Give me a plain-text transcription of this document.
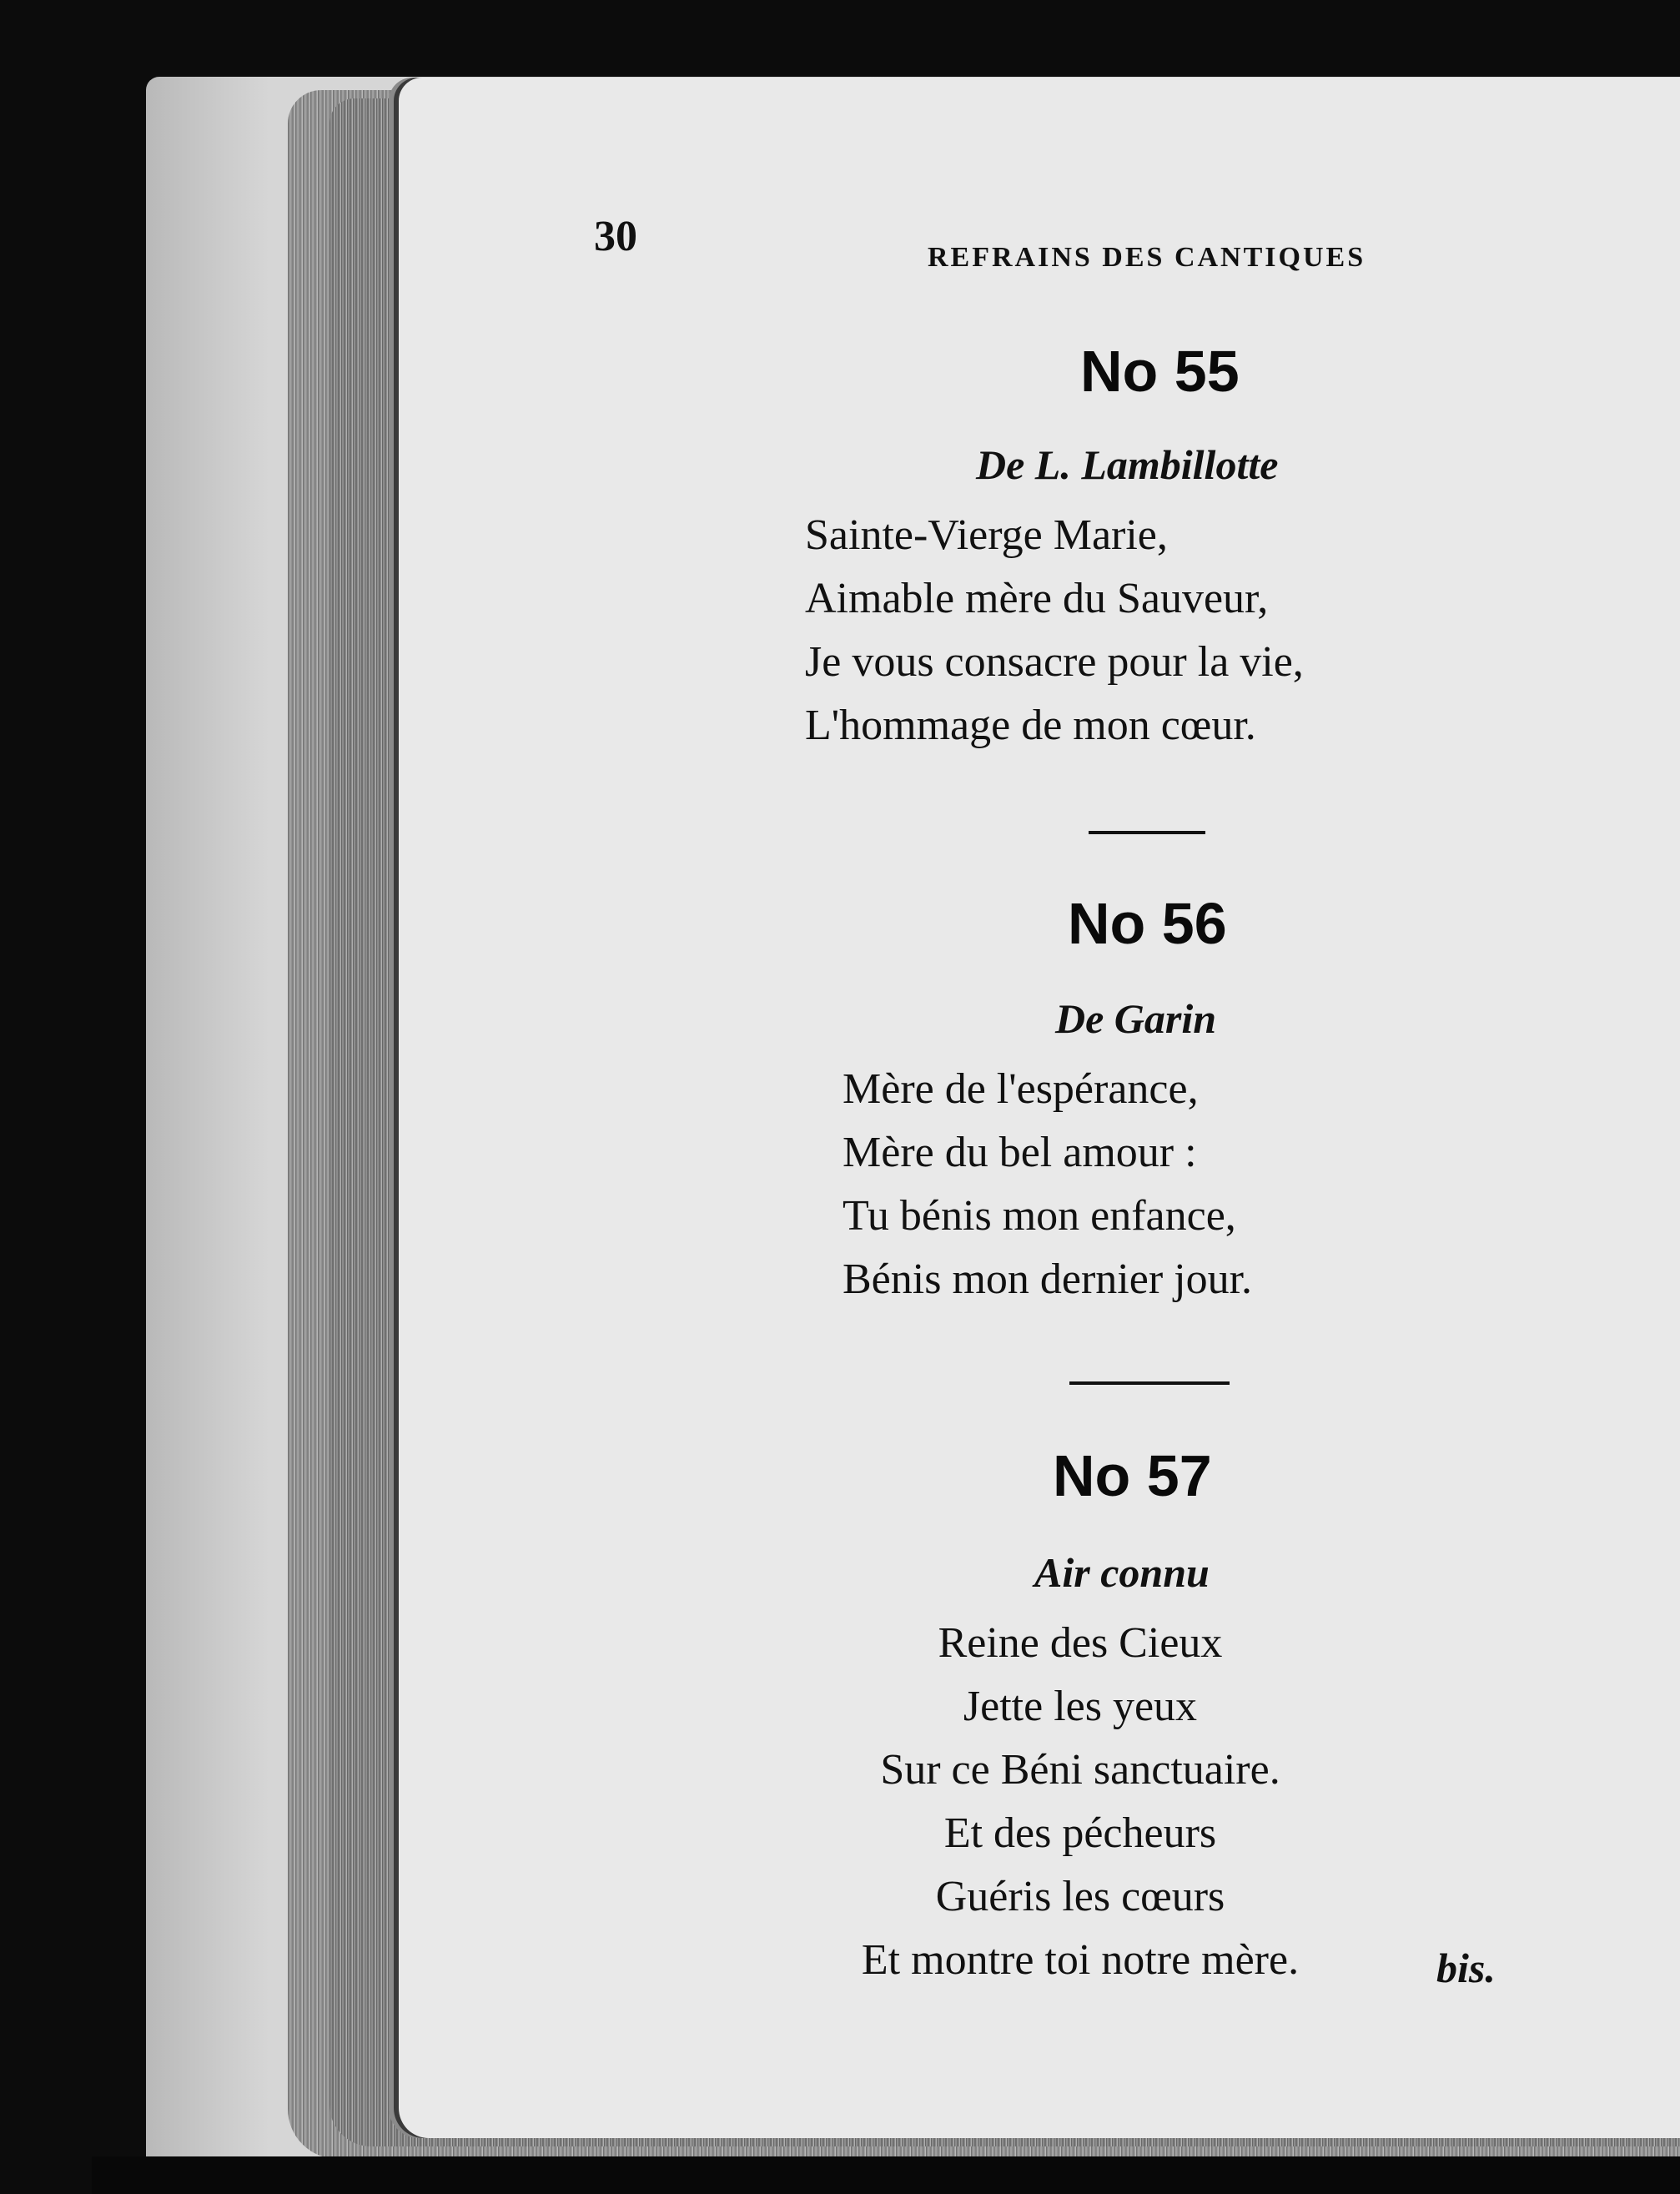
30	REFRAINS DES CANTIQUES
No 55
De L. Lambillotte
Sainte-Vierge Marie,
Aimable mère du Sauveur,
Je vous consacre pour la vie,
L'hommage de mon cœur.
No 56
De Garin
Mère de l'espérance,
Mère du bel amour :
Tu bénis mon enfance,
Bénis mon dernier jour.
No 57
Air connu
Reine des Cieux
Jette les yeux
Sur ce Béni sanctuaire.
Et des pécheurs
Guéris les cœurs
Et montre toi notre mère.	bis.
